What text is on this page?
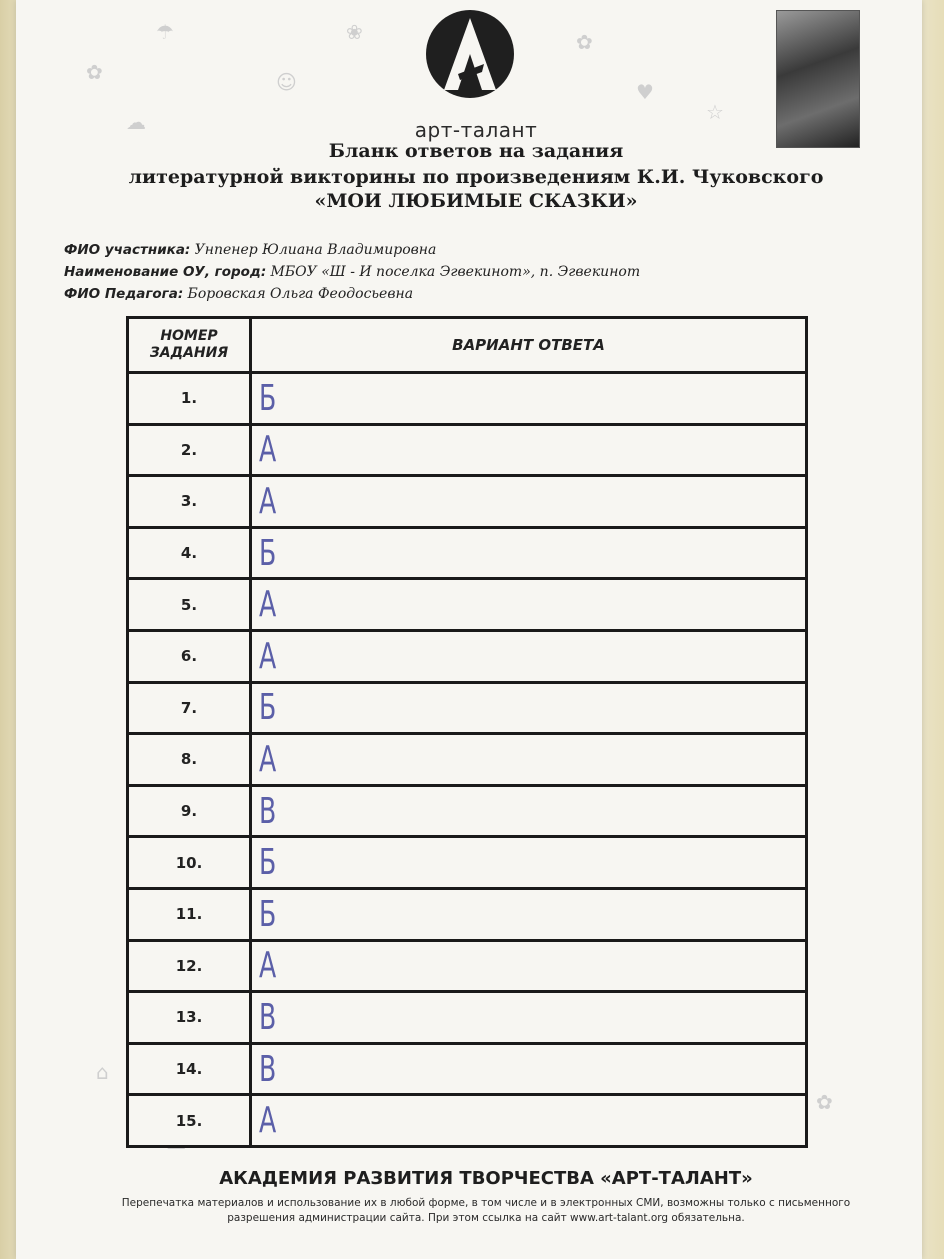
✿
☂
☺
❀	✿
♥
☆
☁
✿
⌂
арт-талант
Бланк ответов на задания
литературной викторины по произведениям К.И. Чуковского
«МОИ ЛЮБИМЫЕ СКАЗКИ»
ФИО участника: Унпенер Юлиана Владимировна
Наименование ОУ, город: МБОУ «Ш - И поселка Эгвекинот», п. Эгвекинот
ФИО Педагога: Боровская Ольга Феодосьевна
НОМЕР
ЗАДАНИЯ	ВАРИАНТ ОТВЕТА
1.	Б
2.	А
3.	А
4.	Б
5.	А
6.	А
7.	Б
8.	А
9.	В
10.	Б
11.	Б
12.	А
13.	В
14.	В
15.	А
АКАДЕМИЯ РАЗВИТИЯ ТВОРЧЕСТВА «АРТ-ТАЛАНТ»
Перепечатка материалов и использование их в любой форме, в том числе и в электронных СМИ, возможны только с письменного разрешения администрации сайта. При этом ссылка на сайт www.art-talant.org обязательна.
